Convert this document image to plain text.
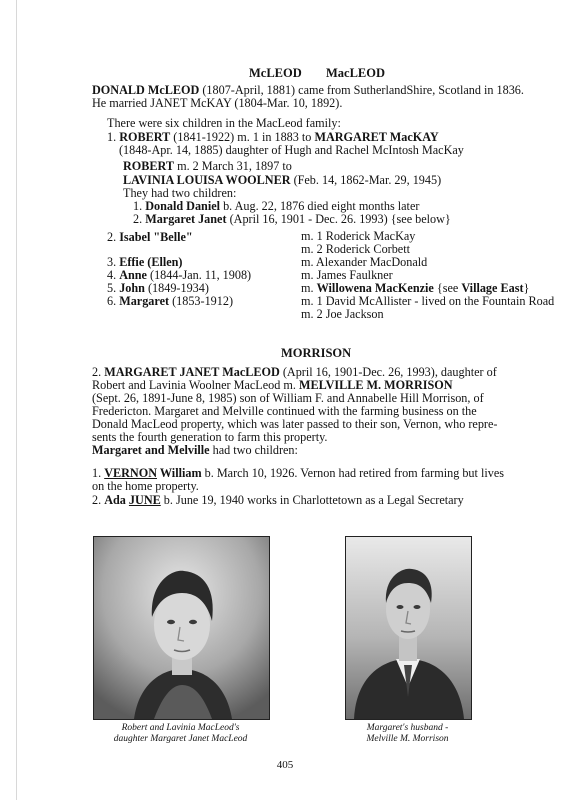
McLEOD MacLEOD
DONALD McLEOD (1807-April, 1881) came from SutherlandShire, Scotland in 1836.
He married JANET McKAY (1804-Mar. 10, 1892).
There were six children in the MacLeod family:
1. ROBERT (1841-1922) m. 1 in 1883 to MARGARET MacKAY
(1848-Apr. 14, 1885) daughter of Hugh and Rachel McIntosh MacKay
ROBERT m. 2 March 31, 1897 to
LAVINIA LOUISA WOOLNER (Feb. 14, 1862-Mar. 29, 1945)
They had two children:
1. Donald Daniel b. Aug. 22, 1876 died eight months later
2. Margaret Janet (April 16, 1901 - Dec. 26. 1993) {see below}
2. Isabel "Belle"
3. Effie (Ellen)
4. Anne (1844-Jan. 11, 1908)
5. John (1849-1934)
6. Margaret (1853-1912)
m. 1 Roderick MacKay
m. 2 Roderick Corbett
m. Alexander MacDonald
m. James Faulkner
m. Willowena MacKenzie {see Village East}
m. 1 David McAllister - lived on the Fountain Road
m. 2 Joe Jackson
MORRISON
2. MARGARET JANET MacLEOD (April 16, 1901-Dec. 26, 1993), daughter of
Robert and Lavinia Woolner MacLeod m. MELVILLE M. MORRISON
(Sept. 26, 1891-June 8, 1985) son of William F. and Annabelle Hill Morrison, of
Fredericton. Margaret and Melville continued with the farming business on the
Donald MacLeod property, which was later passed to their son, Vernon, who repre-
sents the fourth generation to farm this property.
Margaret and Melville had two children:
1. VERNON William b. March 10, 1926. Vernon had retired from farming but lives
on the home property.
2. Ada JUNE b. June 19, 1940 works in Charlottetown as a Legal Secretary
Robert and Lavinia MacLeod's
daughter Margaret Janet MacLeod
Margaret's husband -
Melville M. Morrison
405
